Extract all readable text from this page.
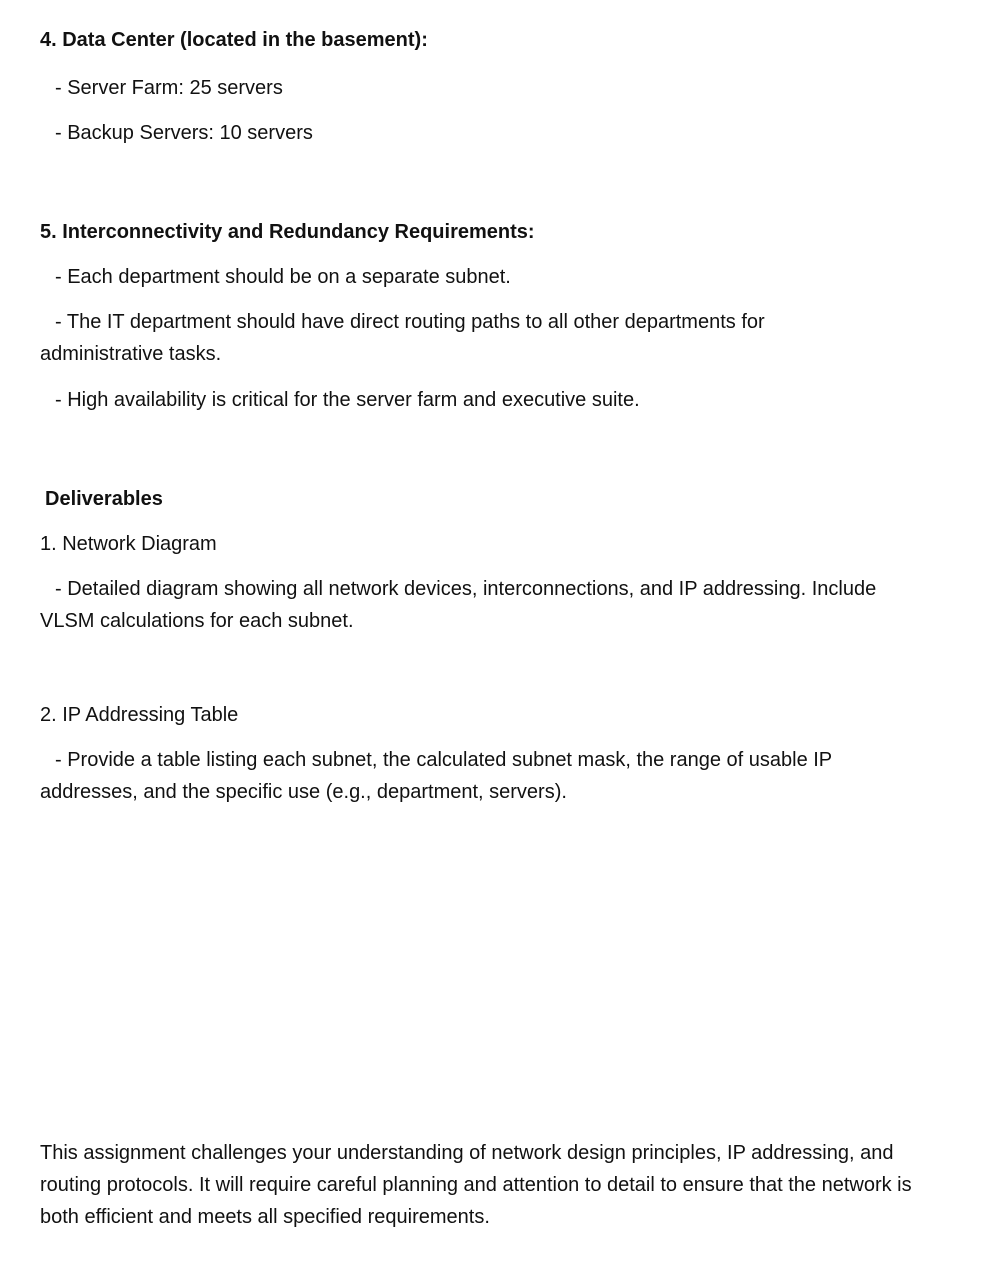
4. Data Center (located in the basement):
- Server Farm: 25 servers
- Backup Servers: 10 servers
5. Interconnectivity and Redundancy Requirements:
- Each department should be on a separate subnet.
- The IT department should have direct routing paths to all other departments for administrative tasks.
- High availability is critical for the server farm and executive suite.
Deliverables
1. Network Diagram
- Detailed diagram showing all network devices, interconnections, and IP addressing. Include VLSM calculations for each subnet.
2. IP Addressing Table
- Provide a table listing each subnet, the calculated subnet mask, the range of usable IP addresses, and the specific use (e.g., department, servers).
This assignment challenges your understanding of network design principles, IP addressing, and routing protocols. It will require careful planning and attention to detail to ensure that the network is both efficient and meets all specified requirements.
